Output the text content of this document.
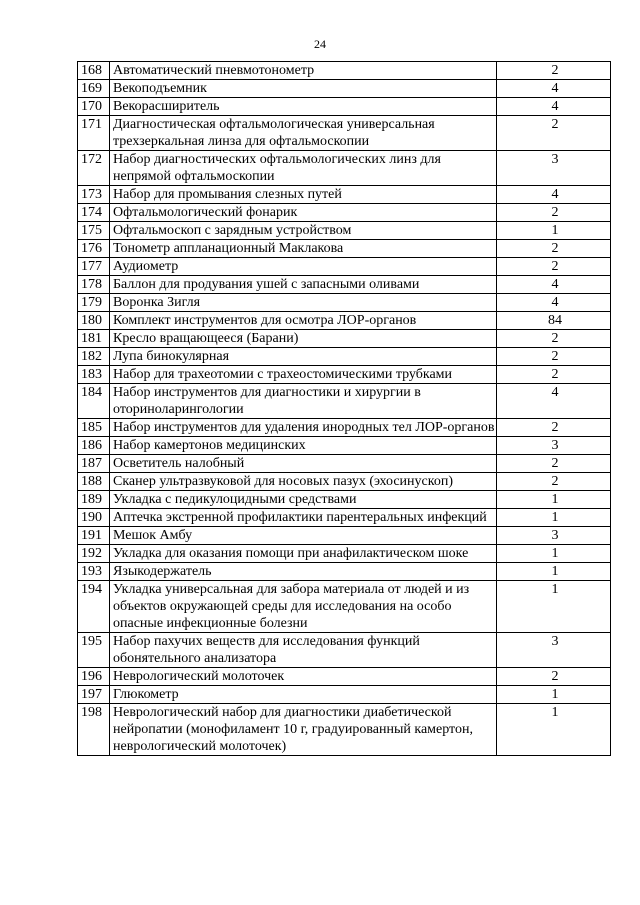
24
168	Автоматический пневмотонометр	2
169	Векоподъемник	4
170	Векорасширитель	4
171	Диагностическая офтальмологическая универсальная трехзеркальная линза для офтальмоскопии	2
172	Набор диагностических офтальмологических линз для непрямой офтальмоскопии	3
173	Набор для промывания слезных путей	4
174	Офтальмологический фонарик	2
175	Офтальмоскоп с зарядным устройством	1
176	Тонометр аппланационный Маклакова	2
177	Аудиометр	2
178	Баллон для продувания ушей с запасными оливами	4
179	Воронка Зигля	4
180	Комплект инструментов для осмотра ЛОР-органов	84
181	Кресло вращающееся (Барани)	2
182	Лупа бинокулярная	2
183	Набор для трахеотомии с трахеостомическими трубками	2
184	Набор инструментов для диагностики и хирургии в оториноларингологии	4
185	Набор инструментов для удаления инородных тел ЛОР-органов	2
186	Набор камертонов медицинских	3
187	Осветитель налобный	2
188	Сканер ультразвуковой для носовых пазух (эхосинускоп)	2
189	Укладка с педикулоцидными средствами	1
190	Аптечка экстренной профилактики парентеральных инфекций	1
191	Мешок Амбу	3
192	Укладка для оказания помощи при анафилактическом шоке	1
193	Языкодержатель	1
194	Укладка универсальная для забора материала от людей и из объектов окружающей среды для исследования на особо опасные инфекционные болезни	1
195	Набор пахучих веществ для исследования функций обонятельного анализатора	3
196	Неврологический молоточек	2
197	Глюкометр	1
198	Неврологический набор для диагностики диабетической нейропатии (монофиламент 10 г, градуированный камертон, неврологический молоточек)	1
